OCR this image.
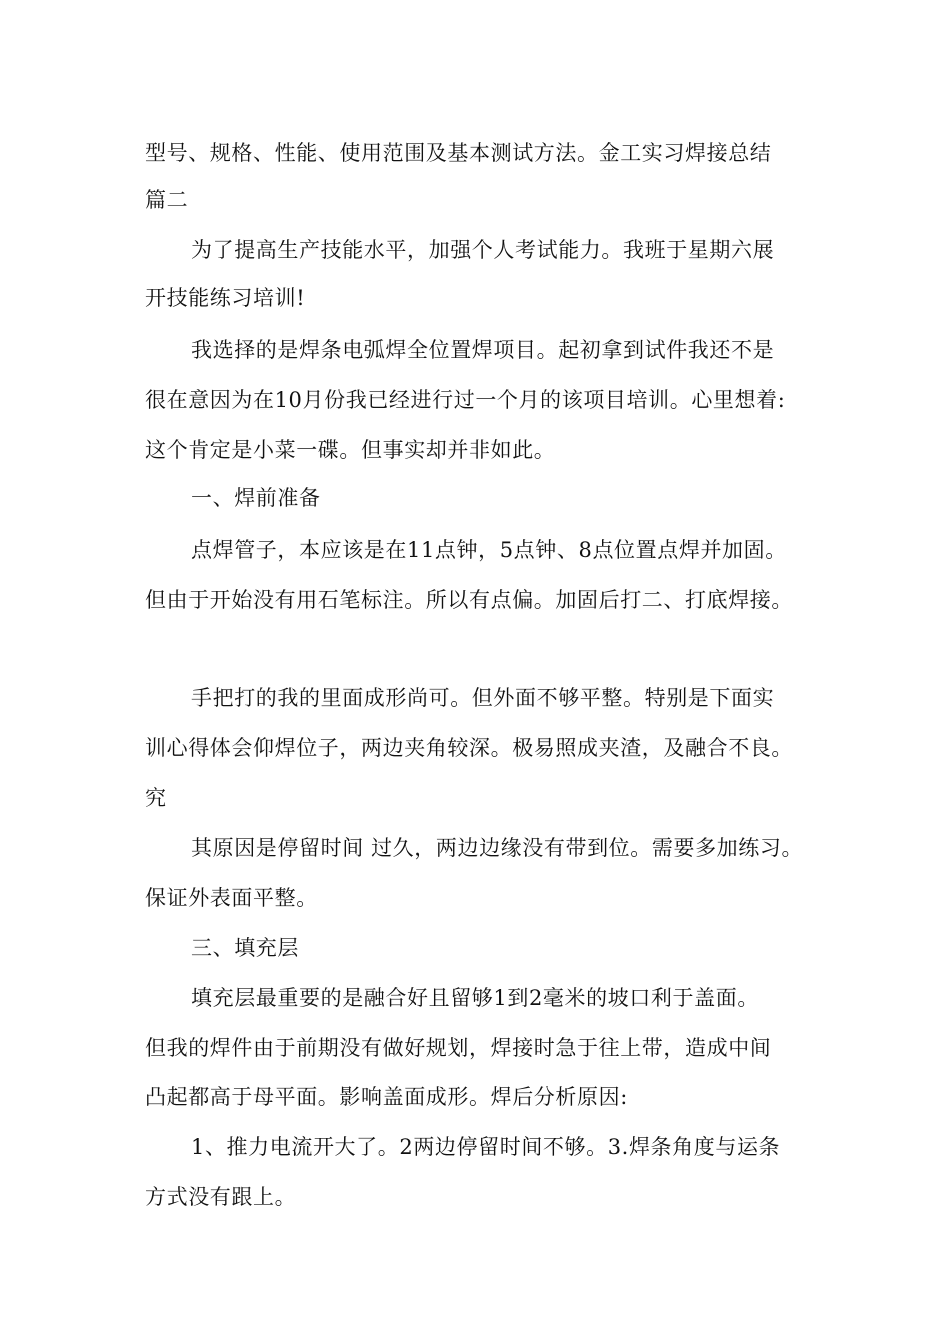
型号、规格、性能、使用范围及基本测试方法。金工实习焊接总结
篇二
为了提高生产技能水平，加强个人考试能力。我班于星期六展
开技能练习培训!
我选择的是焊条电弧焊全位置焊项目。起初拿到试件我还不是
很在意因为在10月份我已经进行过一个月的该项目培训。心里想着:
这个肯定是小菜一碟。但事实却并非如此。
一、焊前准备
点焊管子，本应该是在11点钟，5点钟、8点位置点焊并加固。
但由于开始没有用石笔标注。所以有点偏。加固后打二、打底焊接。
手把打的我的里面成形尚可。但外面不够平整。特别是下面实
训心得体会仰焊位子，两边夹角较深。极易照成夹渣，及融合不良。
究
其原因是停留时间 过久，两边边缘没有带到位。需要多加练习。
保证外表面平整。
三、填充层
填充层最重要的是融合好且留够1到2毫米的坡口利于盖面。
但我的焊件由于前期没有做好规划，焊接时急于往上带，造成中间
凸起都高于母平面。影响盖面成形。焊后分析原因:
1、推力电流开大了。2两边停留时间不够。3.焊条角度与运条
方式没有跟上。
